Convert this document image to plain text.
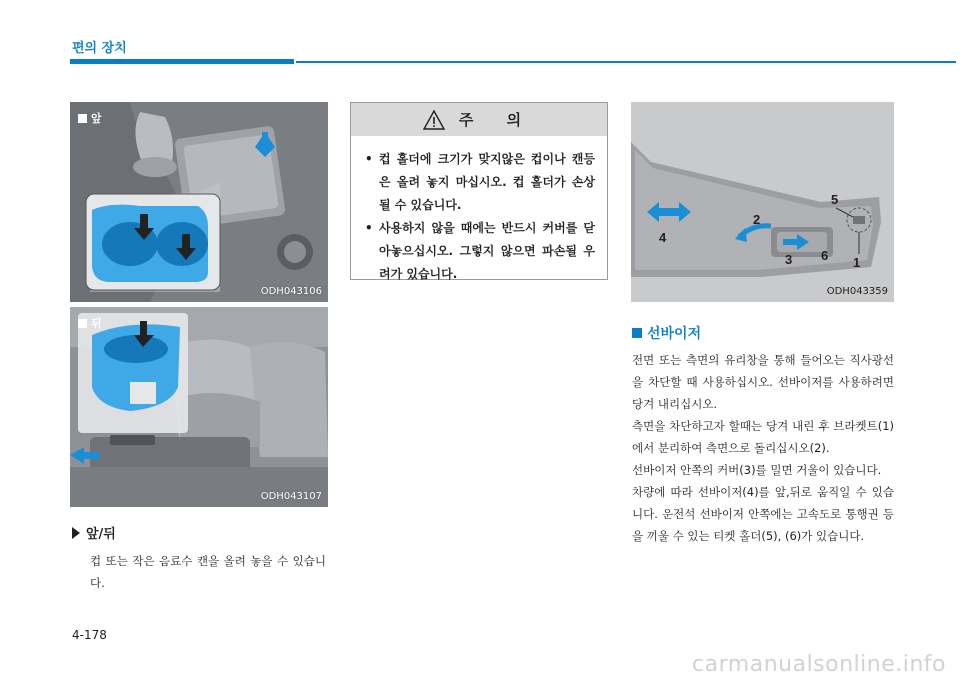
편의 장치
앞
ODH043106
뒤
ODH043107
앞/뒤
컵 또는 작은 음료수 캔을 올려 놓을 수 있습니다.
주 의
• 컵 홀더에 크기가 맞지않은 컵이나 캔등은 올려 놓지 마십시오. 컵 홀더가 손상 될 수 있습니다.
• 사용하지 않을 때에는 반드시 커버를 닫아놓으십시오. 그렇지 않으면 파손될 우려가 있습니다.
1
2
3
4
5
6
ODH043359
선바이저

전면 또는 측면의 유리창을 통해 들어오는 직사광선을 차단할 때 사용하십시오. 선바이저를 사용하려면 당겨 내리십시오.

측면을 차단하고자 할때는 당겨 내린 후 브라켓트(1)에서 분리하여 측면으로 돌리십시오(2).

선바이저 안쪽의 커버(3)를 밀면 거울이 있습니다.

차량에 따라 선바이저(4)를 앞,뒤로 움직일 수 있습니다. 운전석 선바이저 안쪽에는 고속도로 통행권 등을 끼울 수 있는 티켓 홀더(5), (6)가 있습니다.

4-178
carmanualsonline.info
